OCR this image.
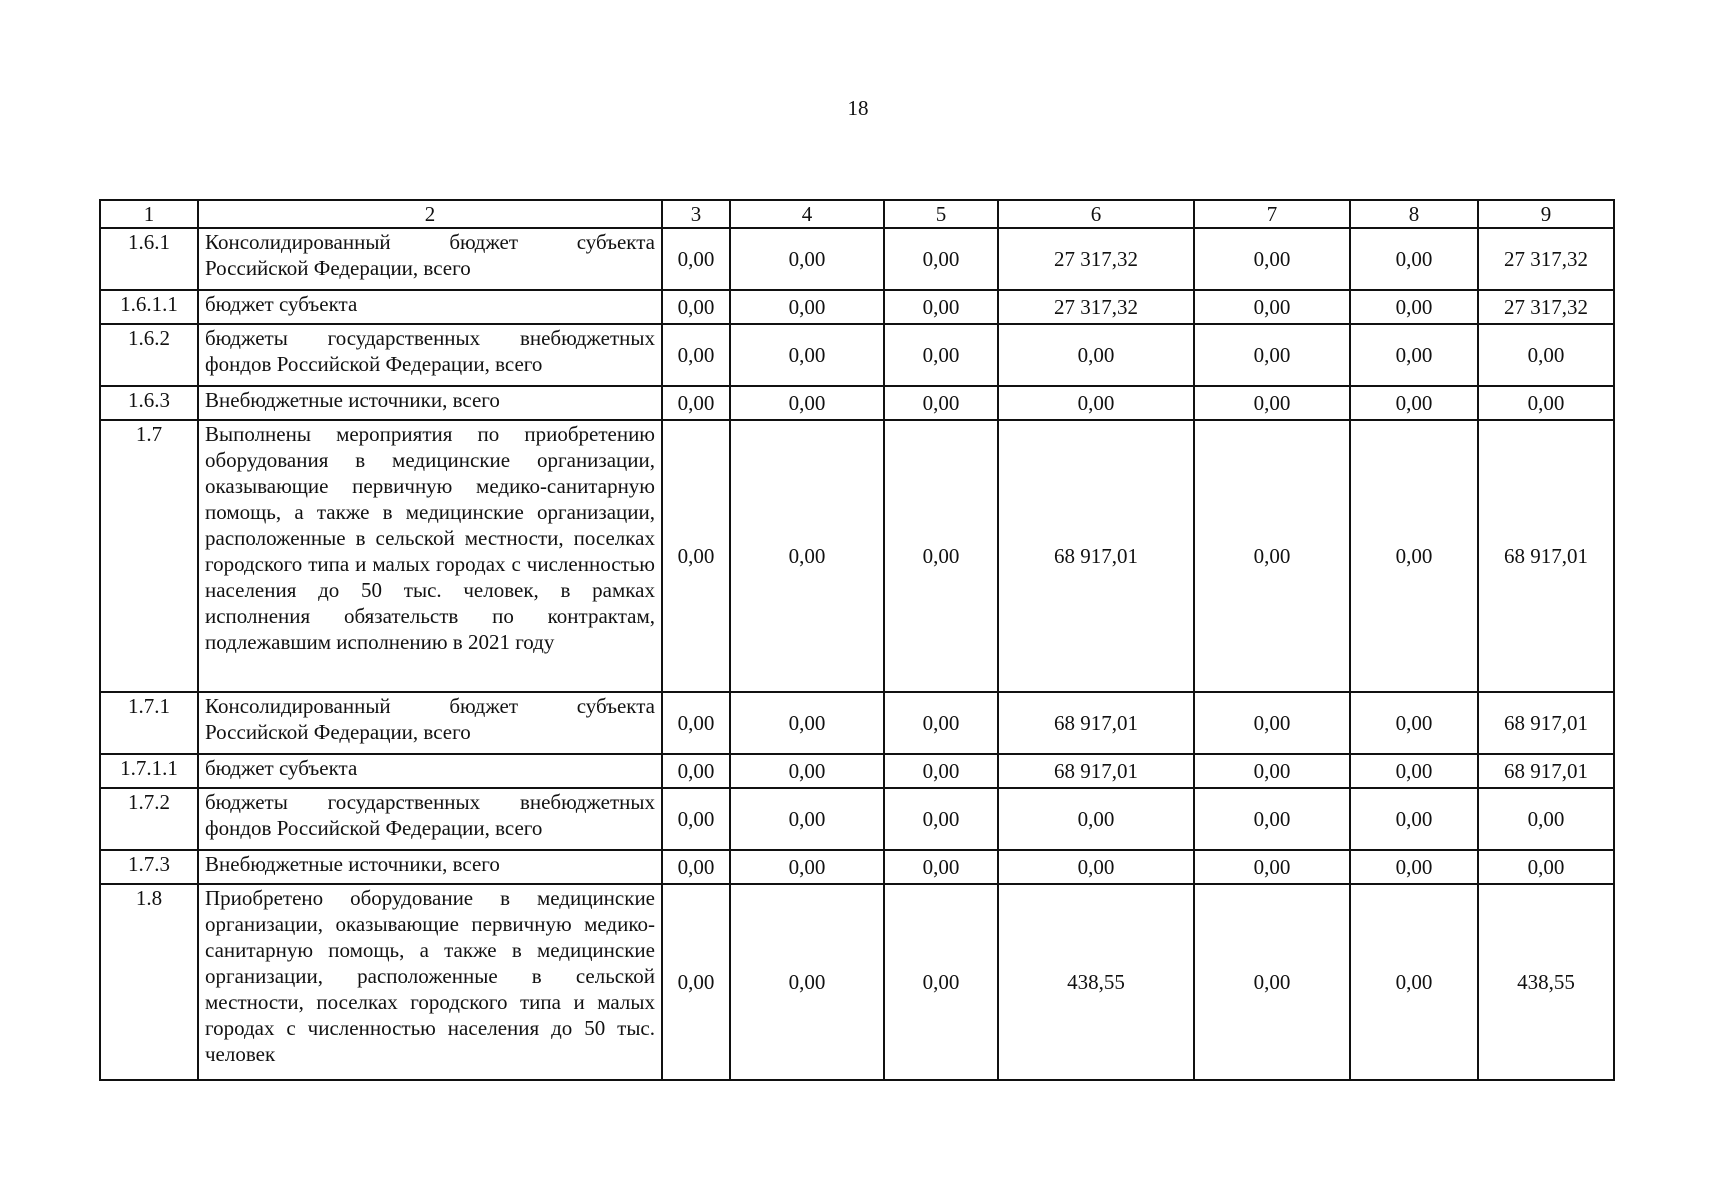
18
1	2	3	4	5	6	7	8	9
1.6.1	Консолидированный бюджет субъекта Российской Федерации, всего	0,00	0,00	0,00	27 317,32	0,00	0,00	27 317,32
1.6.1.1	бюджет субъекта	0,00	0,00	0,00	27 317,32	0,00	0,00	27 317,32
1.6.2	бюджеты государственных внебюджетных фондов Российской Федерации, всего	0,00	0,00	0,00	0,00	0,00	0,00	0,00
1.6.3	Внебюджетные источники, всего	0,00	0,00	0,00	0,00	0,00	0,00	0,00
1.7	Выполнены мероприятия по приобретению оборудования в медицинские организации, оказывающие первичную медико-санитарную помощь, а также в медицинские организации, расположенные в сельской местности, поселках городского типа и малых городах с численностью населения до 50 тыс. человек, в рамках исполнения обязательств по контрактам, подлежавшим исполнению в 2021 году	0,00	0,00	0,00	68 917,01	0,00	0,00	68 917,01
1.7.1	Консолидированный бюджет субъекта Российской Федерации, всего	0,00	0,00	0,00	68 917,01	0,00	0,00	68 917,01
1.7.1.1	бюджет субъекта	0,00	0,00	0,00	68 917,01	0,00	0,00	68 917,01
1.7.2	бюджеты государственных внебюджетных фондов Российской Федерации, всего	0,00	0,00	0,00	0,00	0,00	0,00	0,00
1.7.3	Внебюджетные источники, всего	0,00	0,00	0,00	0,00	0,00	0,00	0,00
1.8	Приобретено оборудование в медицинские организации, оказывающие первичную медико-санитарную помощь, а также в медицинские организации, расположенные в сельской местности, поселках городского типа и малых городах с численностью населения до 50 тыс. человек	0,00	0,00	0,00	438,55	0,00	0,00	438,55
